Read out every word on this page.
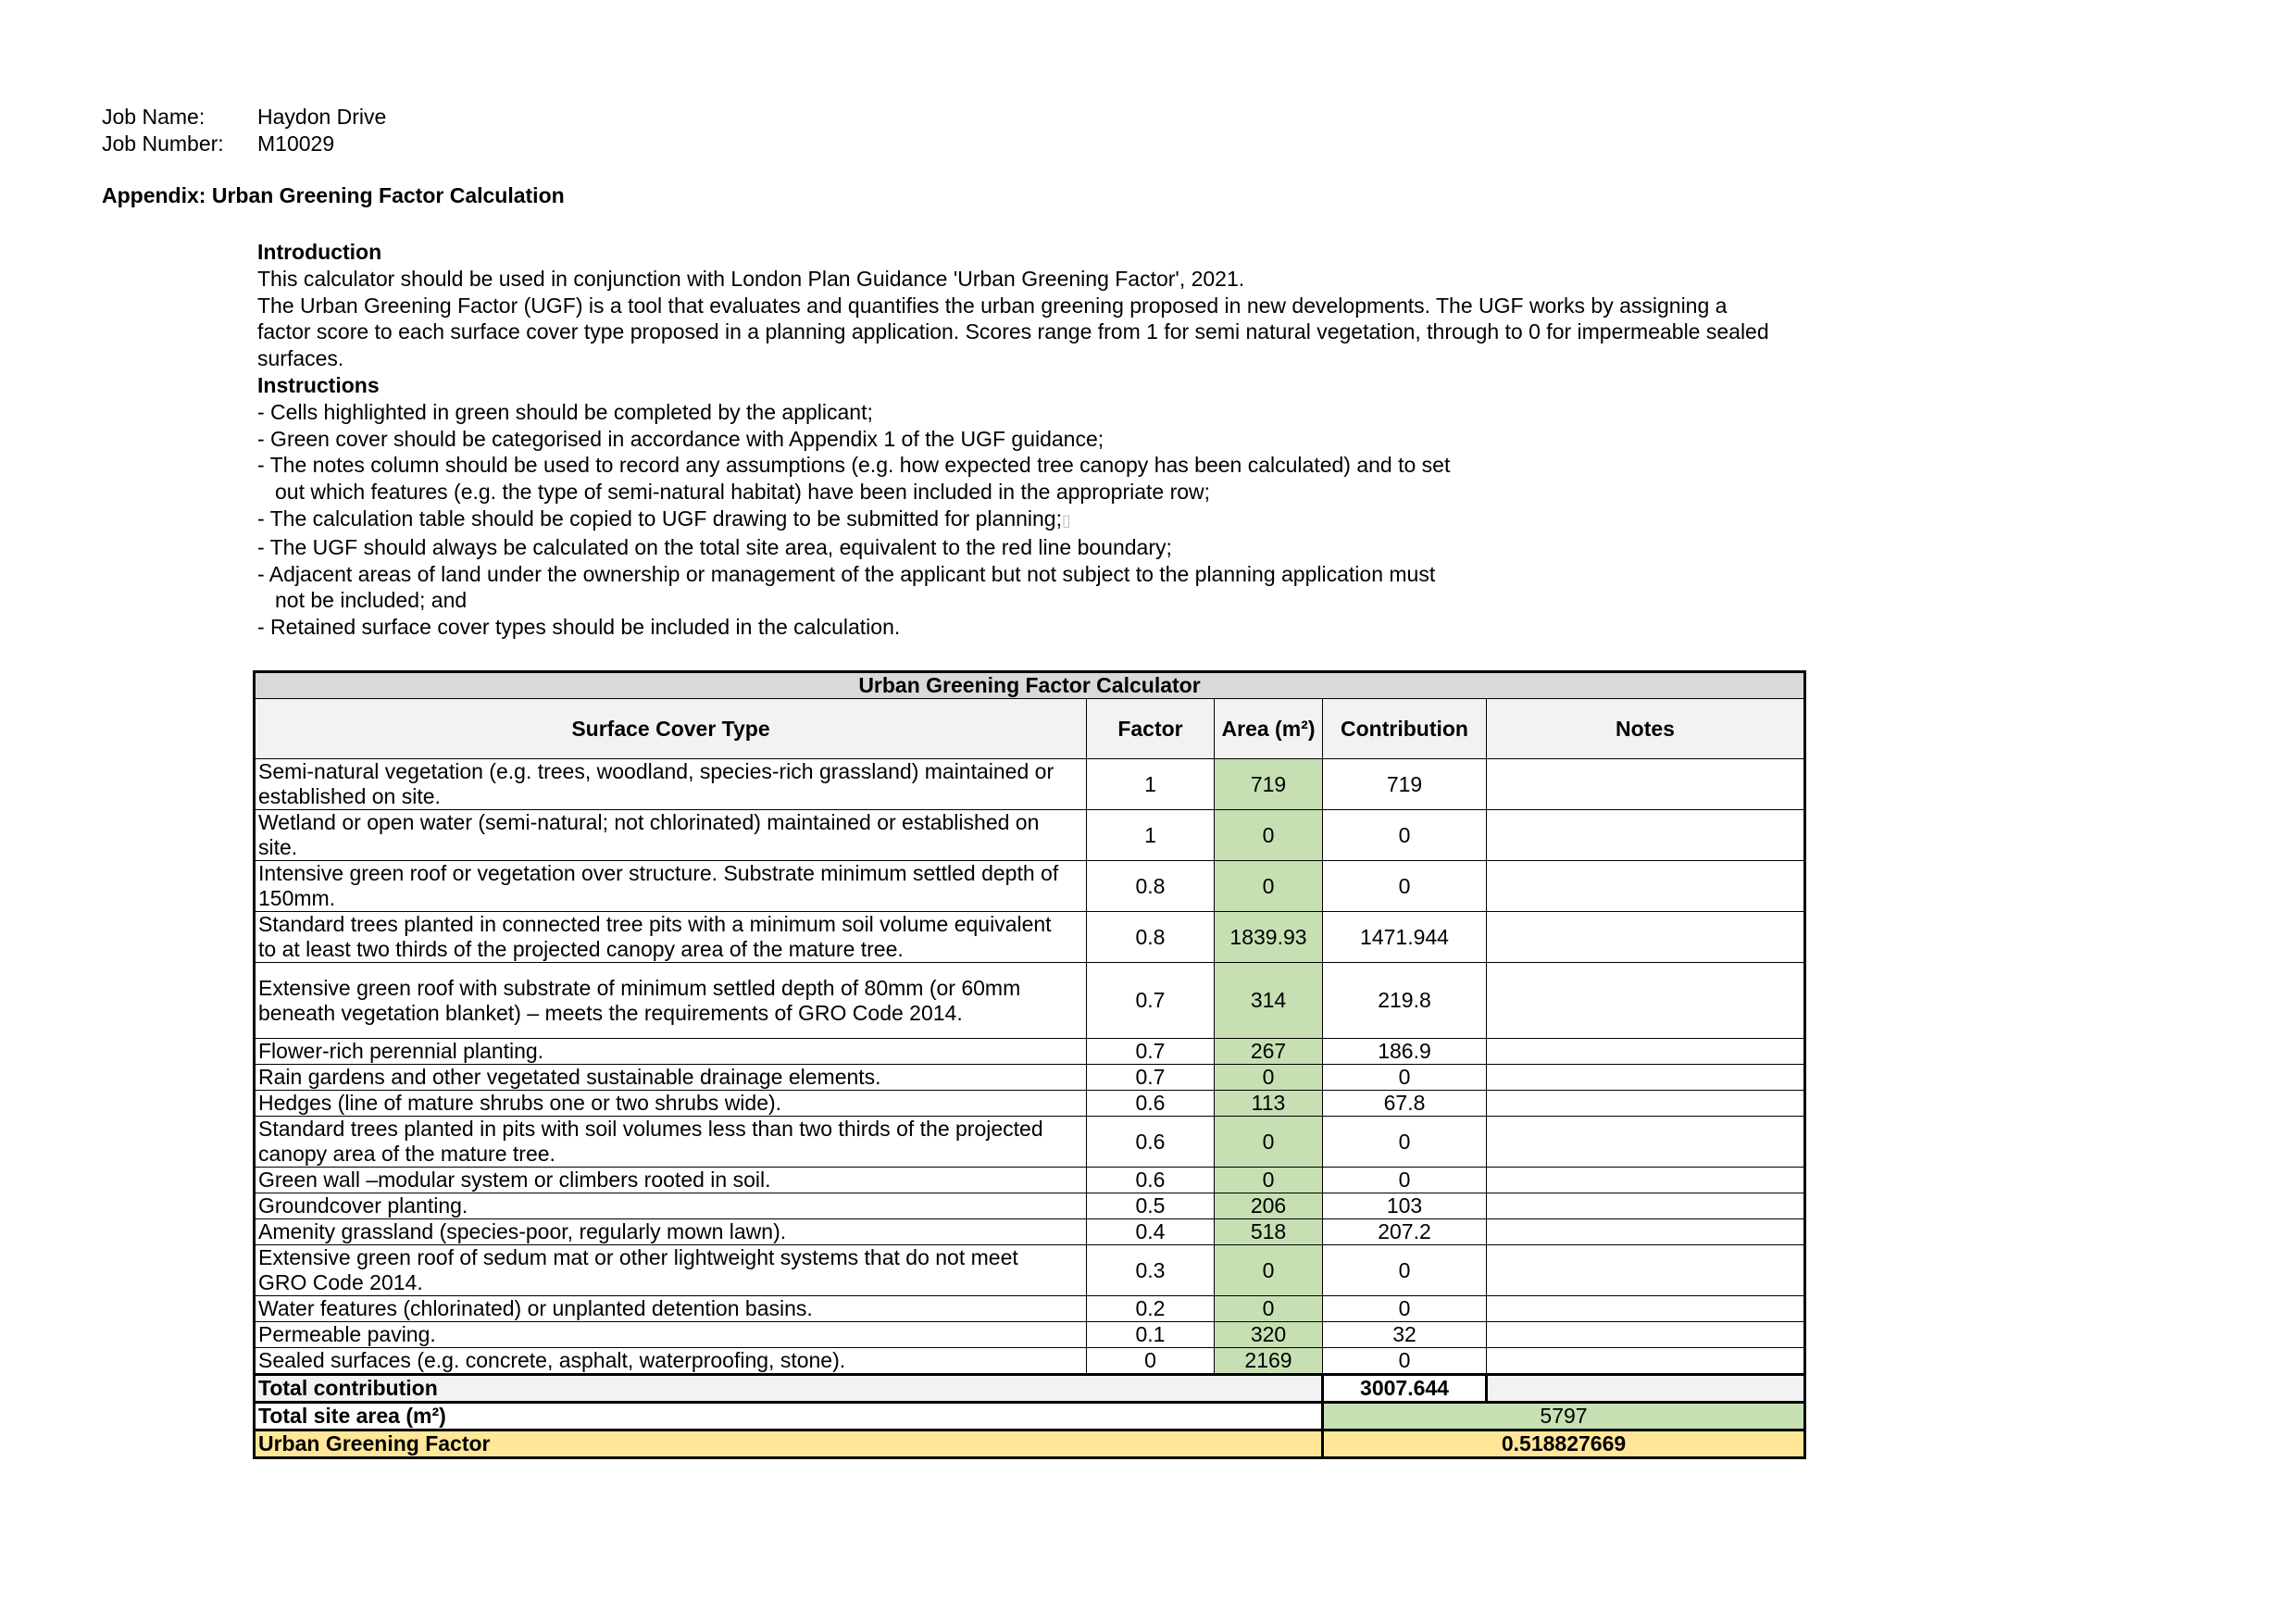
Job Name:	Haydon Drive
Job Number:	M10029
Appendix: Urban Greening Factor Calculation
Introduction
This calculator should be used in conjunction with London Plan Guidance 'Urban Greening Factor', 2021.
The Urban Greening Factor (UGF) is a tool that evaluates and quantifies the urban greening proposed in new developments. The UGF works by assigning a
factor score to each surface cover type proposed in a planning application. Scores range from 1 for semi natural vegetation, through to 0 for impermeable sealed
surfaces.
Instructions
- Cells highlighted in green should be completed by the applicant;
- Green cover should be categorised in accordance with Appendix 1 of the UGF guidance;
- The notes column should be used to record any assumptions (e.g. how expected tree canopy has been calculated) and to set
out which features (e.g. the type of semi-natural habitat) have been included in the appropriate row;
- The calculation table should be copied to UGF drawing to be submitted for planning;▯
- The UGF should always be calculated on the total site area, equivalent to the red line boundary;
- Adjacent areas of land under the ownership or management of the applicant but not subject to the planning application must
not be included; and
- Retained surface cover types should be included in the calculation.
Urban Greening Factor Calculator				
Surface Cover Type	Factor	Area (m²)	Contribution	Notes

Semi-natural vegetation (e.g. trees, woodland, species-rich grassland) maintained or
established on site.	1	719	719	

Wetland or open water (semi-natural; not chlorinated) maintained or established on
site.	1	0	0	

Intensive green roof or vegetation over structure. Substrate minimum settled depth of
150mm.	0.8	0	0	

Standard trees planted in connected tree pits with a minimum soil volume equivalent
to at least two thirds of the projected canopy area of the mature tree.	0.8	1839.93	1471.944	

Extensive green roof with substrate of minimum settled depth of 80mm (or 60mm
beneath vegetation blanket) – meets the requirements of GRO Code 2014.	0.7	314	219.8	

Flower-rich perennial planting.	0.7	267	186.9	

Rain gardens and other vegetated sustainable drainage elements.	0.7	0	0	

Hedges (line of mature shrubs one or two shrubs wide).	0.6	113	67.8	

Standard trees planted in pits with soil volumes less than two thirds of the projected
canopy area of the mature tree.	0.6	0	0	

Green wall –modular system or climbers rooted in soil.	0.6	0	0	

Groundcover planting.	0.5	206	103	

Amenity grassland (species-poor, regularly mown lawn).	0.4	518	207.2	

Extensive green roof of sedum mat or other lightweight systems that do not meet
GRO Code 2014.	0.3	0	0	

Water features (chlorinated) or unplanted detention basins.	0.2	0	0	

Permeable paving.	0.1	320	32	

Sealed surfaces (e.g. concrete, asphalt, waterproofing, stone).	0	2169	0	
Total contribution			3007.644	
Total site area (m²)			5797	
Urban Greening Factor			0.518827669	
